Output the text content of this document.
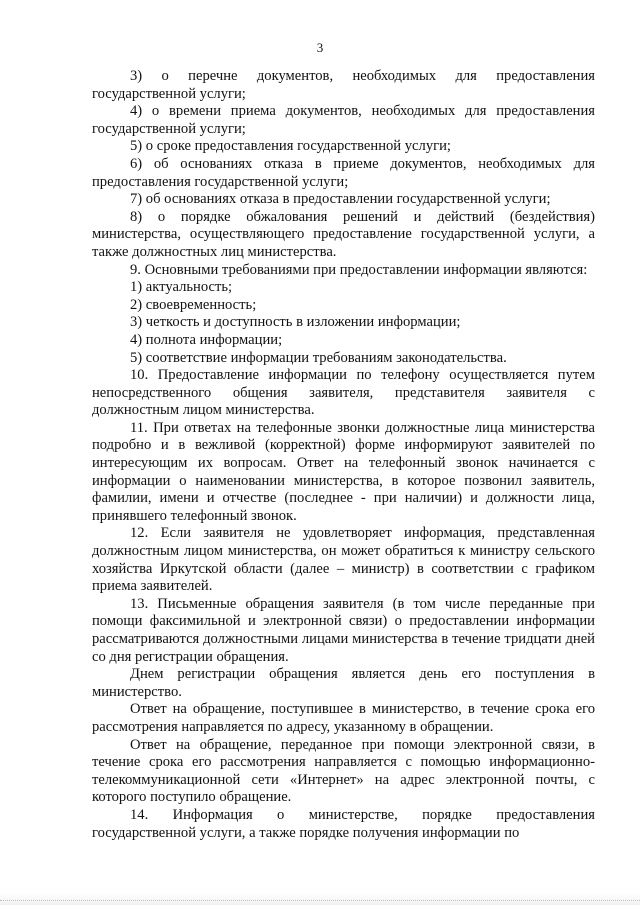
3

3) о перечне документов, необходимых для предоставления государственной услуги;

4) о времени приема документов, необходимых для предоставления государственной услуги;

5) о сроке предоставления государственной услуги;

6) об основаниях отказа в приеме документов, необходимых для предоставления государственной услуги;

7) об основаниях отказа в предоставлении государственной услуги;

8) о порядке обжалования решений и действий (бездействия) министерства, осуществляющего предоставление государственной услуги, а также должностных лиц министерства.

9. Основными требованиями при предоставлении информации являются:

1) актуальность;

2) своевременность;

3) четкость и доступность в изложении информации;

4) полнота информации;

5) соответствие информации требованиям законодательства.

10. Предоставление информации по телефону осуществляется путем непосредственного общения заявителя, представителя заявителя с должностным лицом министерства.

11. При ответах на телефонные звонки должностные лица министерства подробно и в вежливой (корректной) форме информируют заявителей по интересующим их вопросам. Ответ на телефонный звонок начинается с информации о наименовании министерства, в которое позвонил заявитель, фамилии, имени и отчестве (последнее - при наличии) и должности лица, принявшего телефонный звонок.

12. Если заявителя не удовлетворяет информация, представленная должностным лицом министерства, он может обратиться к министру сельского хозяйства Иркутской области (далее – министр) в соответствии с графиком приема заявителей.

13. Письменные обращения заявителя (в том числе переданные при помощи факсимильной и электронной связи) о предоставлении информации рассматриваются должностными лицами министерства в течение тридцати дней со дня регистрации обращения.

Днем регистрации обращения является день его поступления в министерство.

Ответ на обращение, поступившее в министерство, в течение срока его рассмотрения направляется по адресу, указанному в обращении.

Ответ на обращение, переданное при помощи электронной связи, в течение срока его рассмотрения направляется с помощью информационно-телекоммуникационной сети «Интернет» на адрес электронной почты, с которого поступило обращение.

14. Информация о министерстве, порядке предоставления государственной услуги, а также порядке получения информации по
